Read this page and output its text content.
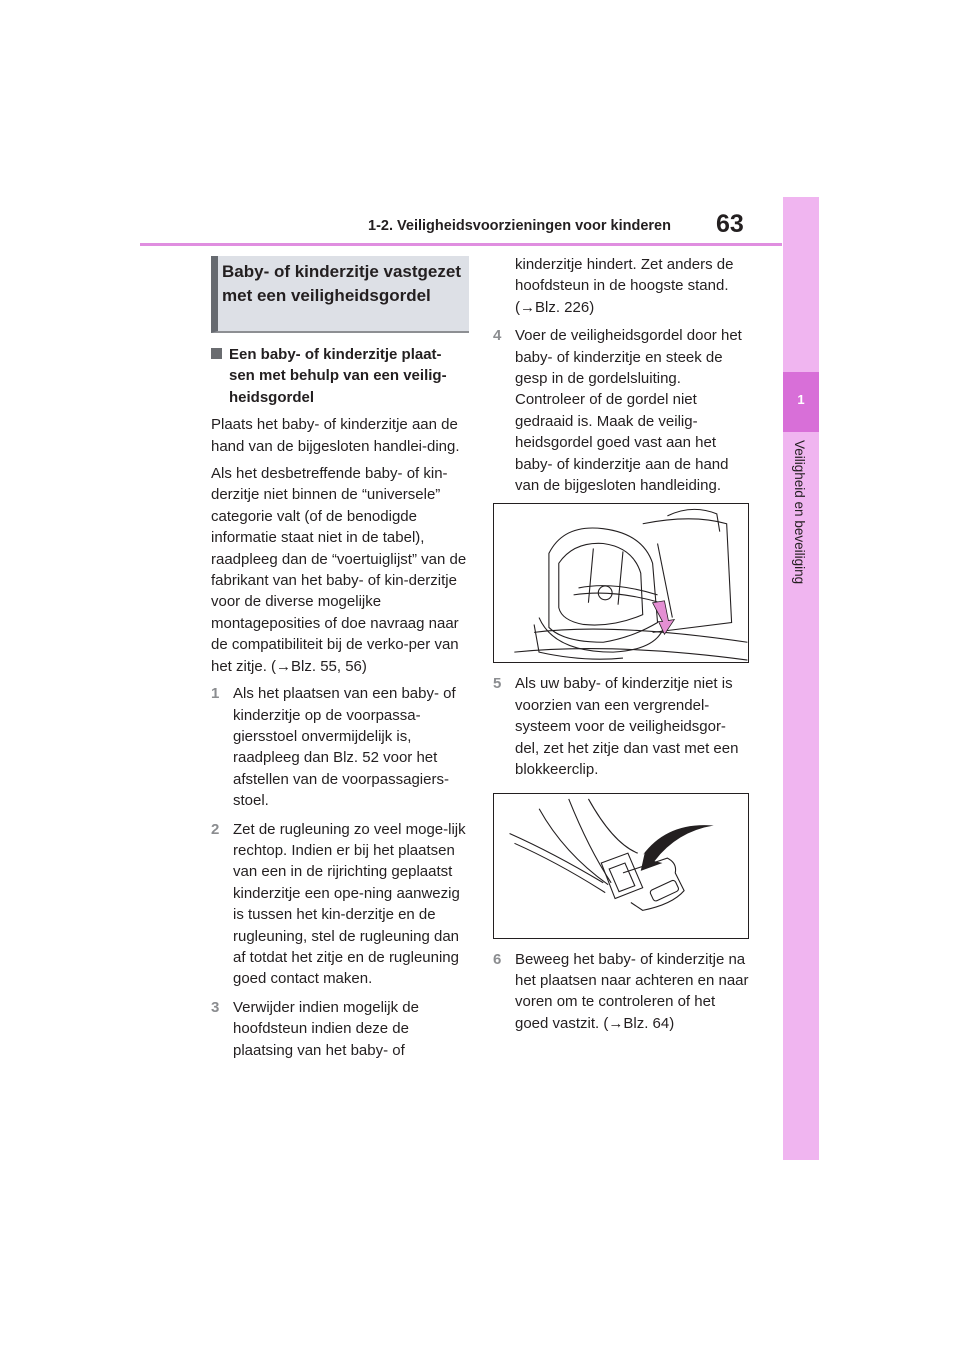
1-2. Veiligheidsvoorzieningen voor kinderen 63
1
Veiligheid en beveiliging
Baby- of kinderzitje vastgezet met een veiligheidsgordel
Een baby- of kinderzitje plaat-sen met behulp van een veilig-heidsgordel

Plaats het baby- of kinderzitje aan de hand van de bijgesloten handlei-ding.

Als het desbetreffende baby- of kin-derzitje niet binnen de “universele” categorie valt (of de benodigde informatie staat niet in de tabel), raadpleeg dan de “voertuiglijst” van de fabrikant van het baby- of kin-derzitje voor de diverse mogelijke montageposities of doe navraag naar de compatibiliteit bij de verko-per van het zitje. (→Blz. 55, 56)

1 Als het plaatsen van een baby- of kinderzitje op de voorpassa-giersstoel onvermijdelijk is, raadpleeg dan Blz. 52 voor het afstellen van de voorpassagiers-stoel.
2 Zet de rugleuning zo veel moge-lijk rechtop. Indien er bij het plaatsen van een in de rijrichting geplaatst kinderzitje een ope-ning aanwezig is tussen het kin-derzitje en de rugleuning, stel de rugleuning dan af totdat het zitje en de rugleuning goed contact maken.
3 Verwijder indien mogelijk de hoofdsteun indien deze de plaatsing van het baby- of
kinderzitje hindert. Zet anders de hoofdsteun in de hoogste stand. (→Blz. 226)
4 Voer de veiligheidsgordel door het baby- of kinderzitje en steek de gesp in de gordelsluiting. Controleer of de gordel niet gedraaid is. Maak de veilig-heidsgordel goed vast aan het baby- of kinderzitje aan de hand van de bijgesloten handleiding.
5 Als uw baby- of kinderzitje niet is voorzien van een vergrendel-systeem voor de veiligheidsgor-del, zet het zitje dan vast met een blokkeerclip.
6 Beweeg het baby- of kinderzitje na het plaatsen naar achteren en naar voren om te controleren of het goed vastzit. (→Blz. 64)
